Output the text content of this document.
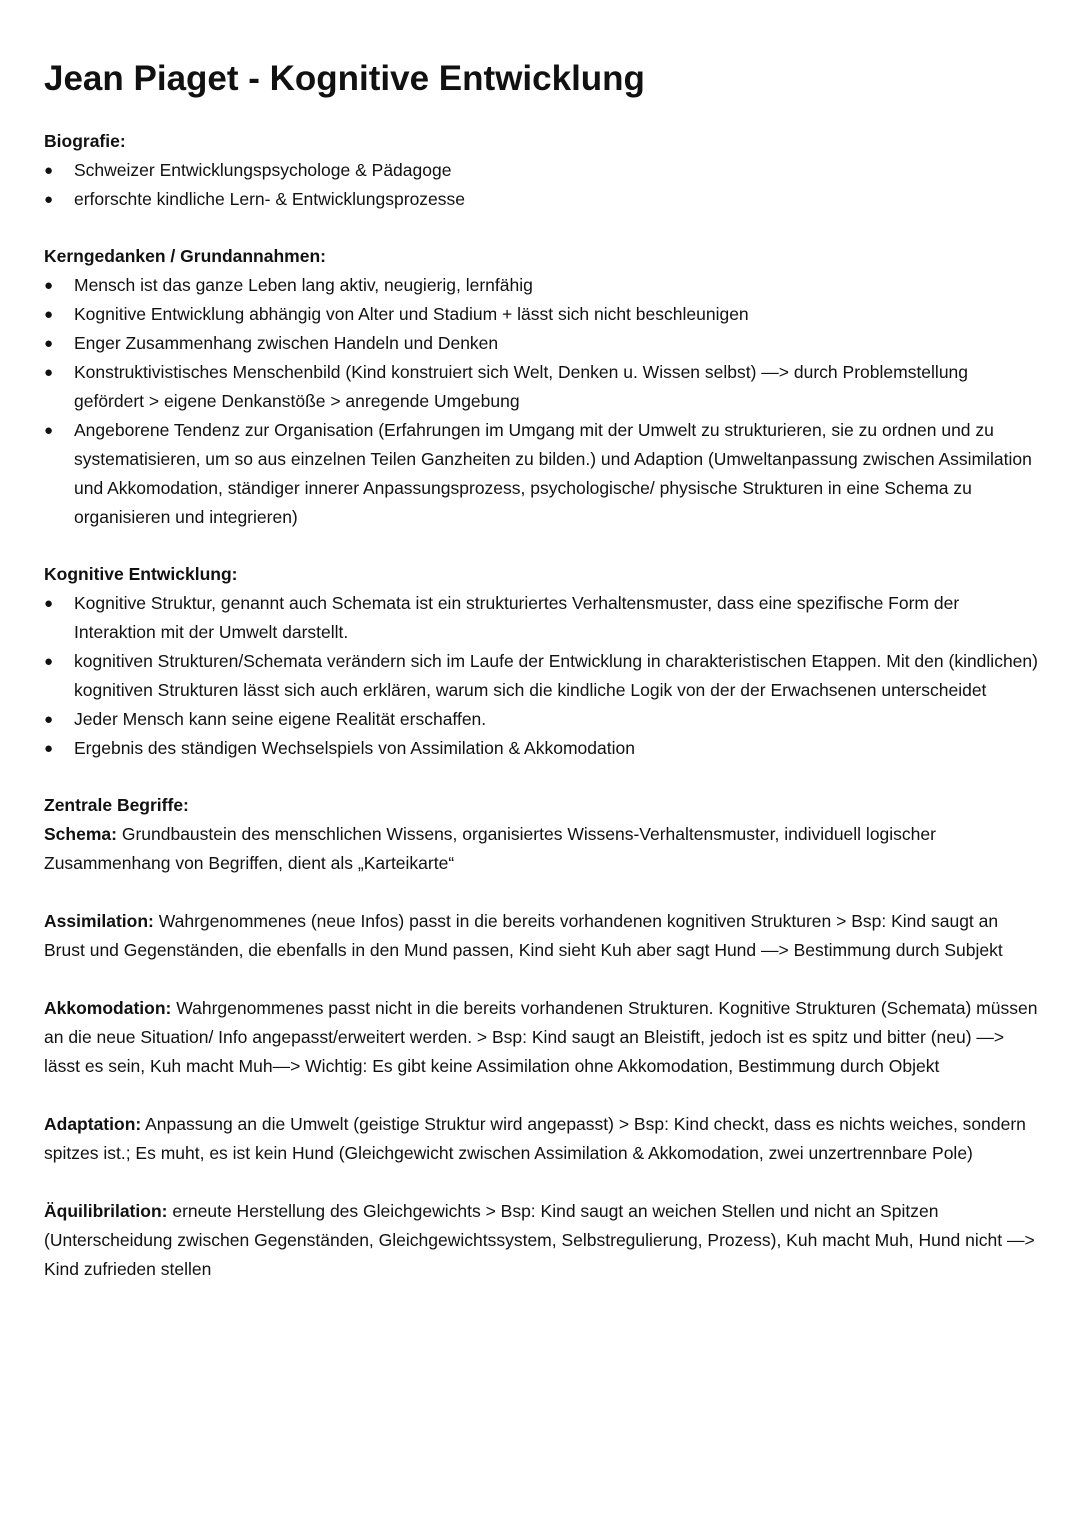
Jean Piaget - Kognitive Entwicklung

Biografie:

● Schweizer Entwicklungspsychologe & Pädagoge
● erforschte kindliche Lern- & Entwicklungsprozesse

Kerngedanken / Grundannahmen:

● Mensch ist das ganze Leben lang aktiv, neugierig, lernfähig
● Kognitive Entwicklung abhängig von Alter und Stadium + lässt sich nicht beschleunigen
● Enger Zusammenhang zwischen Handeln und Denken
● Konstruktivistisches Menschenbild (Kind konstruiert sich Welt, Denken u. Wissen selbst) —> durch Problemstellung gefördert > eigene Denkanstöße > anregende Umgebung
● Angeborene Tendenz zur Organisation (Erfahrungen im Umgang mit der Umwelt zu strukturieren, sie zu ordnen und zu systematisieren, um so aus einzelnen Teilen Ganzheiten zu bilden.) und Adaption (Umweltanpassung zwischen Assimilation und Akkomodation, ständiger innerer Anpassungsprozess, psychologische/ physische Strukturen in eine Schema zu organisieren und integrieren)

Kognitive Entwicklung:

● Kognitive Struktur, genannt auch Schemata ist ein strukturiertes Verhaltensmuster, dass eine spezifische Form der Interaktion mit der Umwelt darstellt.
● kognitiven Strukturen/Schemata verändern sich im Laufe der Entwicklung in charakteristischen Etappen. Mit den (kindlichen) kognitiven Strukturen lässt sich auch erklären, warum sich die kindliche Logik von der der Erwachsenen unterscheidet
● Jeder Mensch kann seine eigene Realität erschaffen.
● Ergebnis des ständigen Wechselspiels von Assimilation & Akkomodation

Zentrale Begriffe:

Schema: Grundbaustein des menschlichen Wissens, organisiertes Wissens-Verhaltensmuster, individuell logischer Zusammenhang von Begriffen, dient als „Karteikarte“

Assimilation: Wahrgenommenes (neue Infos) passt in die bereits vorhandenen kognitiven Strukturen > Bsp: Kind saugt an Brust und Gegenständen, die ebenfalls in den Mund passen, Kind sieht Kuh aber sagt Hund —> Bestimmung durch Subjekt

Akkomodation: Wahrgenommenes passt nicht in die bereits vorhandenen Strukturen. Kognitive Strukturen (Schemata) müssen an die neue Situation/ Info angepasst/erweitert werden. > Bsp: Kind saugt an Bleistift, jedoch ist es spitz und bitter (neu) —> lässt es sein, Kuh macht Muh—> Wichtig: Es gibt keine Assimilation ohne Akkomodation, Bestimmung durch Objekt

Adaptation: Anpassung an die Umwelt (geistige Struktur wird angepasst) > Bsp: Kind checkt, dass es nichts weiches, sondern spitzes ist.; Es muht, es ist kein Hund (Gleichgewicht zwischen Assimilation & Akkomodation, zwei unzertrennbare Pole)

Äquilibrilation: erneute Herstellung des Gleichgewichts > Bsp: Kind saugt an weichen Stellen und nicht an Spitzen (Unterscheidung zwischen Gegenständen, Gleichgewichtssystem, Selbstregulierung, Prozess), Kuh macht Muh, Hund nicht —> Kind zufrieden stellen
